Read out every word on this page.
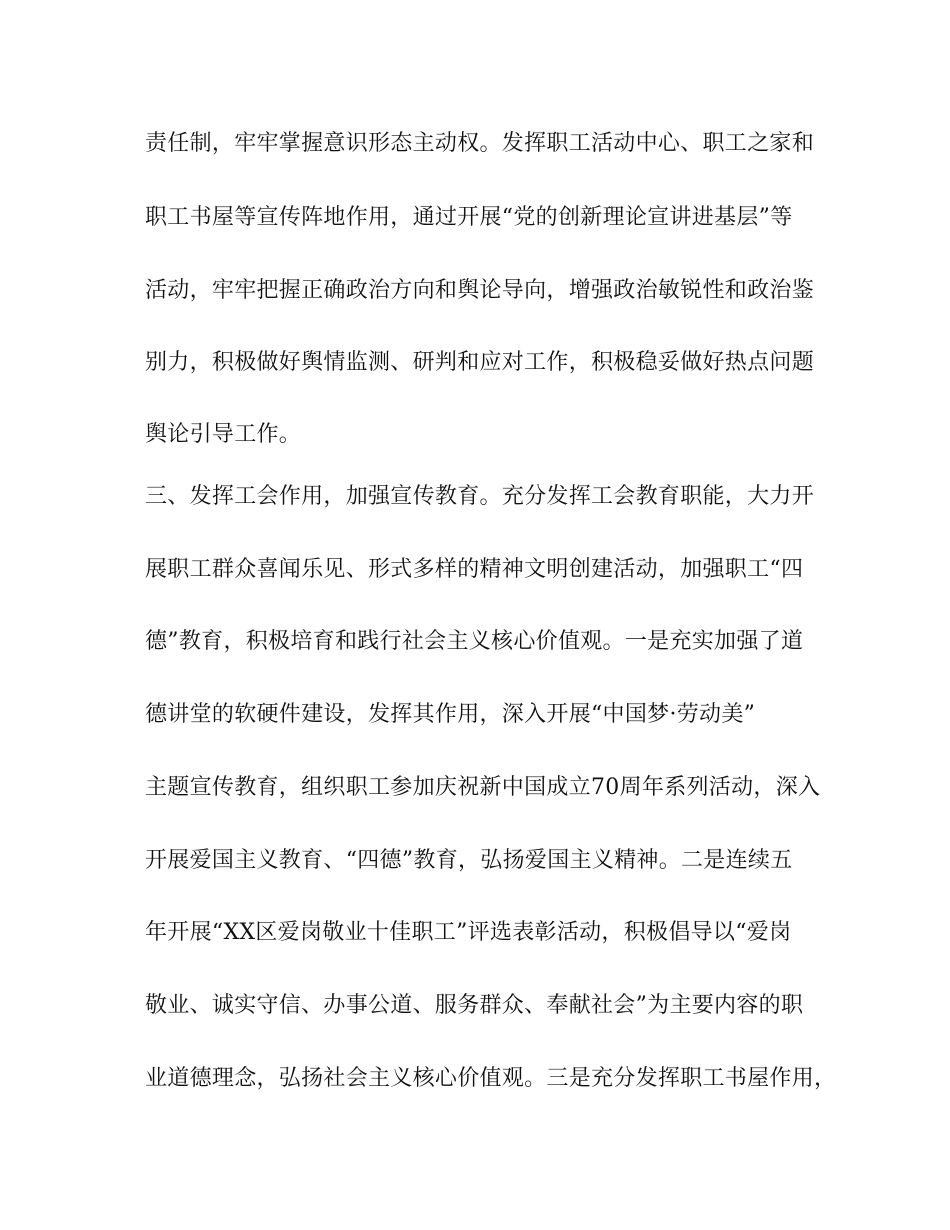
责任制，牢牢掌握意识形态主动权。发挥职工活动中心、职工之家和
职工书屋等宣传阵地作用，通过开展“党的创新理论宣讲进基层”等
活动，牢牢把握正确政治方向和舆论导向，增强政治敏锐性和政治鉴
别力，积极做好舆情监测、研判和应对工作，积极稳妥做好热点问题
舆论引导工作。
三、发挥工会作用，加强宣传教育。充分发挥工会教育职能，大力开
展职工群众喜闻乐见、形式多样的精神文明创建活动，加强职工“四
德”教育，积极培育和践行社会主义核心价值观。一是充实加强了道
德讲堂的软硬件建设，发挥其作用，深入开展“中国梦·劳动美”
主题宣传教育，组织职工参加庆祝新中国成立70周年系列活动，深入
开展爱国主义教育、“四德”教育，弘扬爱国主义精神。二是连续五
年开展“XX区爱岗敬业十佳职工”评选表彰活动，积极倡导以“爱岗
敬业、诚实守信、办事公道、服务群众、奉献社会”为主要内容的职
业道德理念，弘扬社会主义核心价值观。三是充分发挥职工书屋作用，
